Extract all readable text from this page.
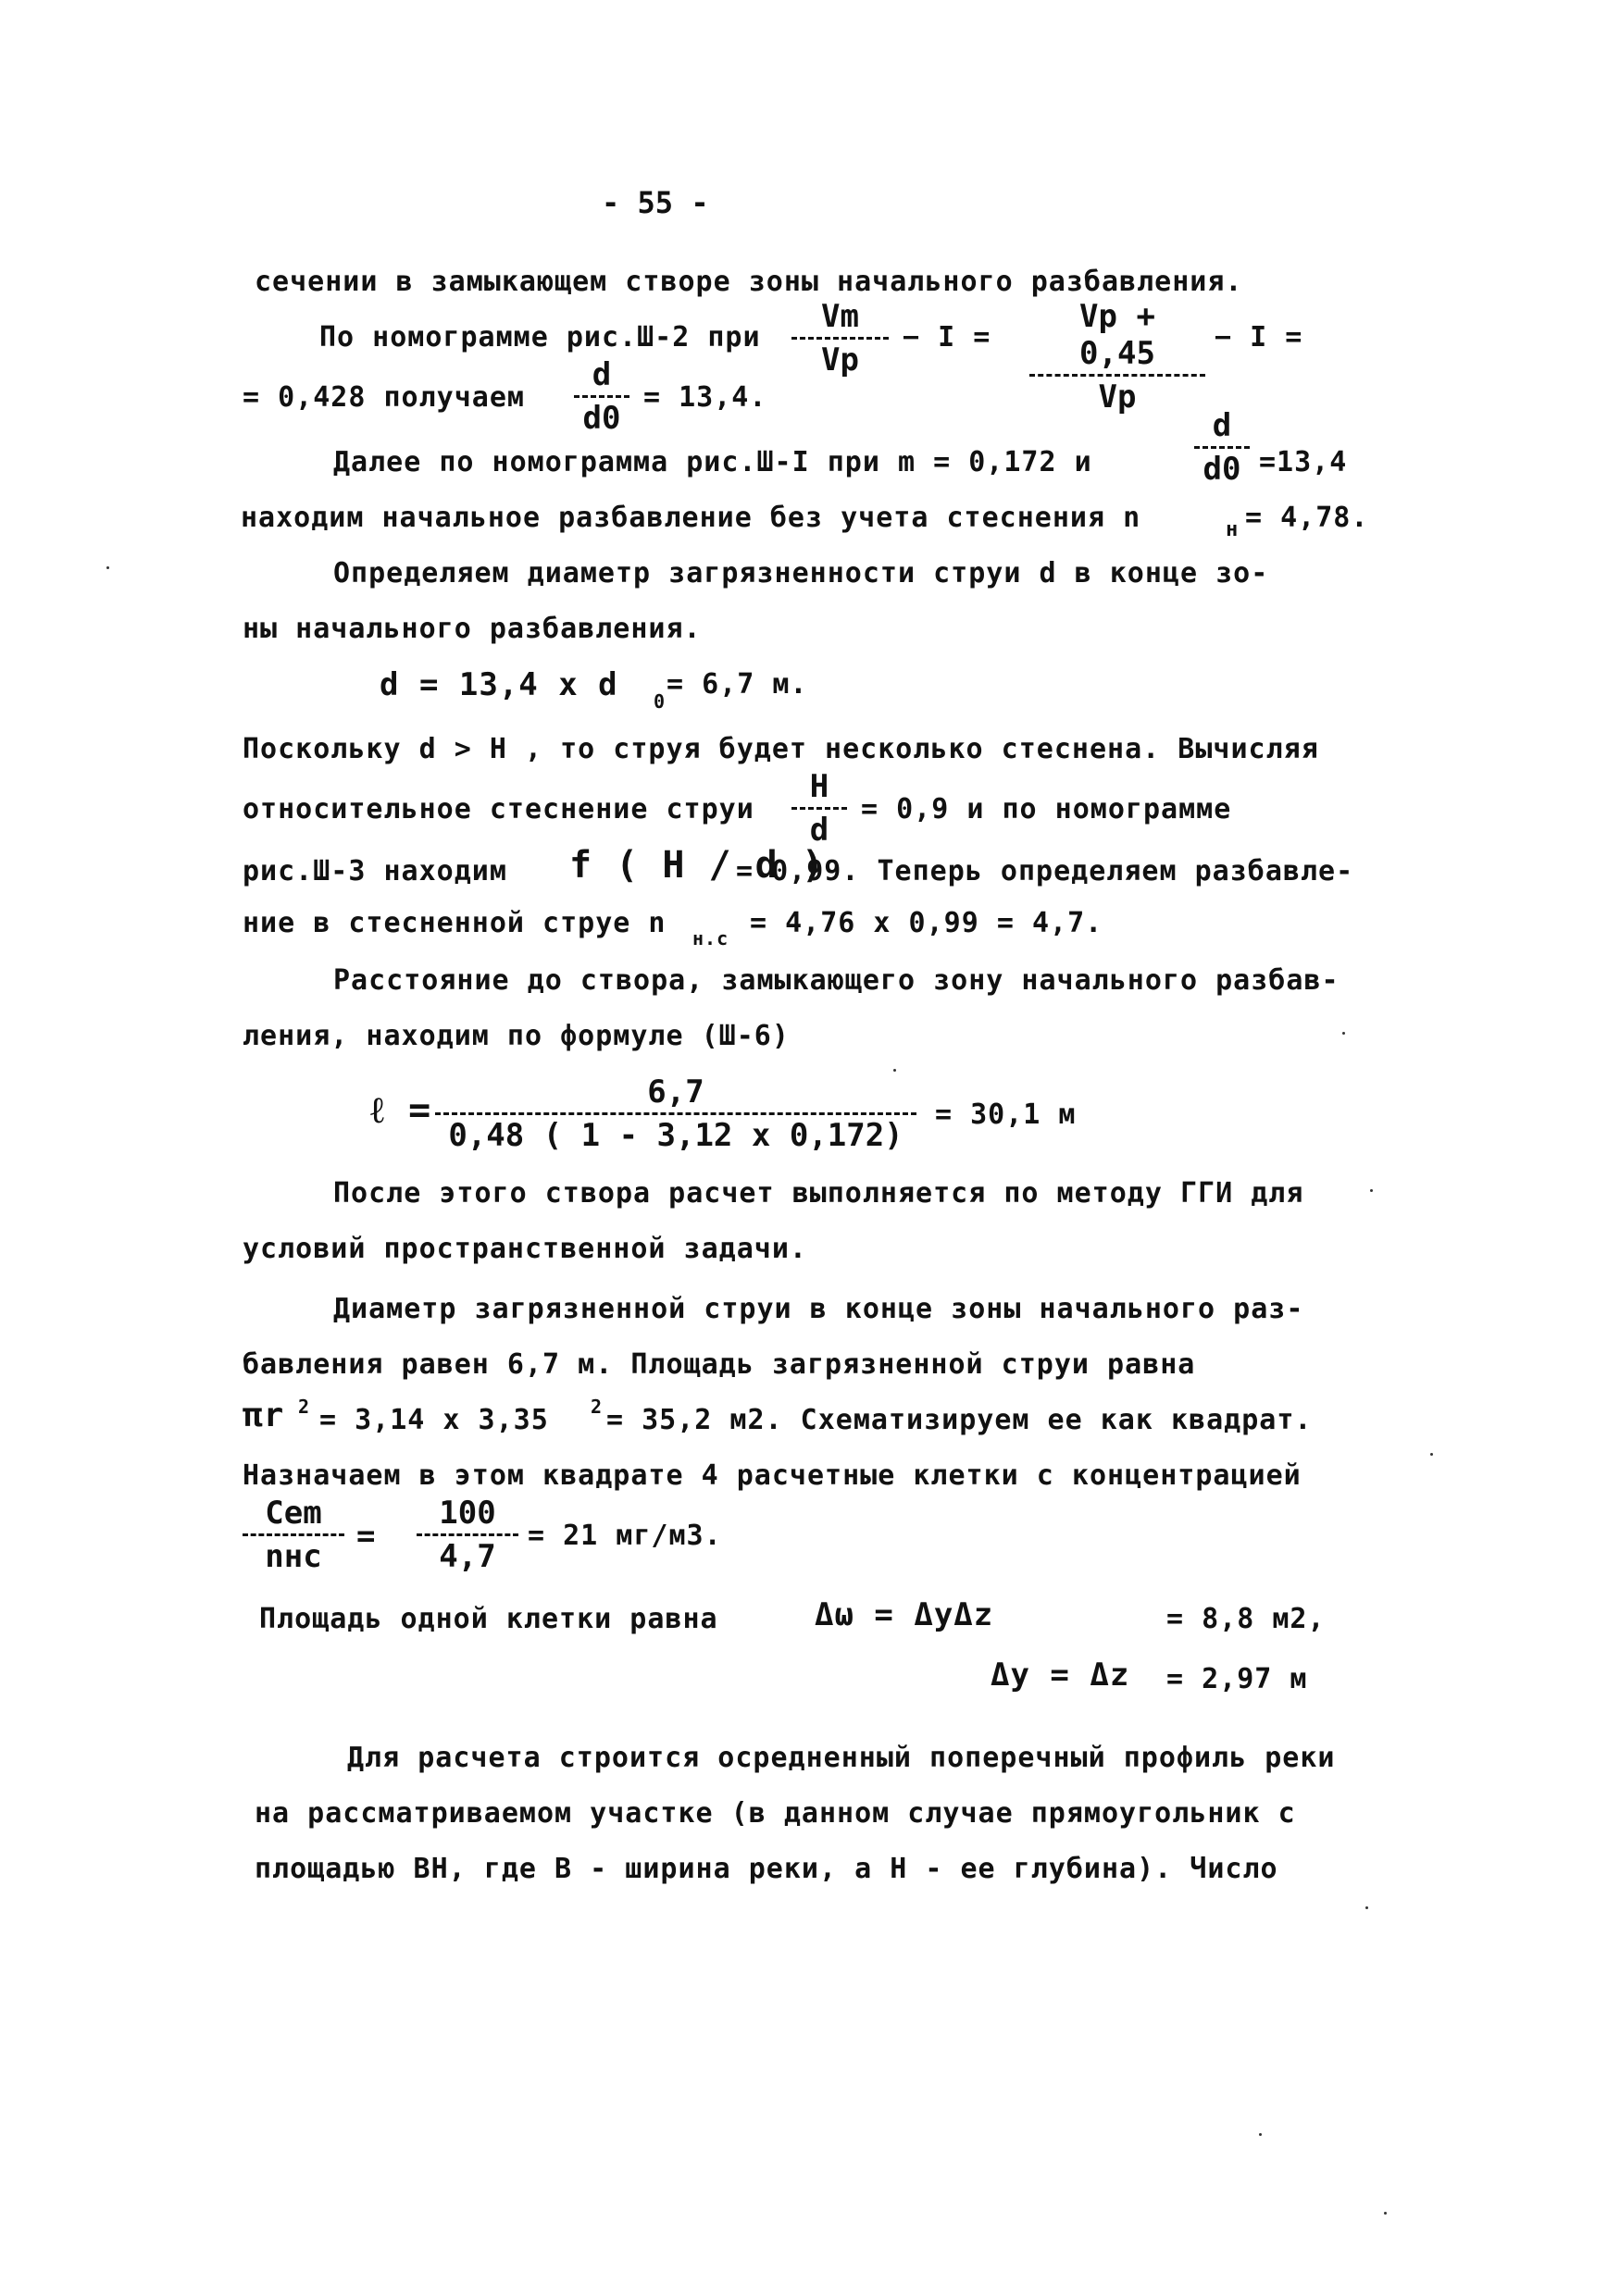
- 55 -
сечении в замыкающем створе зоны начального разбавления.
По номограмме рис.Ш-2 при $\frac{Vm}{Vp} - I = \frac{Vp + 0,45}{Vp} - I$ =
= 0,428 получаем $\frac{d}{d0} = 13,4$.
Далее по номограмма рис.Ш-I при m = 0,172 и	$\frac{d}{d0} =13,4$
находим начальное разбавление без учета стеснения n	н = 4,78.
Определяем диаметр загрязненности струи d в конце зо-
ны начального разбавления.
d = 13,4 x d 0
= 6,7 м.
Поскольку d > H , то струя будет несколько стеснена. Вычисляя
относительное стеснение струи $\frac{H}{d} = 0,9$ и по номограмме
рис.Ш-3 находим f ( H / d )
= 0,99. Теперь определяем разбавле-
ние в стесненной струе n н.с = 4,76 x 0,99 = 4,7.
Расстояние до створа, замыкающего зону начального разбав-
ления, находим по формуле (Ш-6)
ℓ = $\frac{6,7}{0,48 ( 1 - 3,12 x 0,172)} = 30,1$ м
После этого створа расчет выполняется по методу ГГИ для
условий пространственной задачи.
Диаметр загрязненной струи в конце зоны начального раз-
бавления равен 6,7 м. Площадь загрязненной струи равна
πr 2 = 3,14 x 3,35 2 = 35,2 м2. Схематизируем ее как квадрат.
Назначаем в этом квадрате 4 расчетные клетки с концентрацией
Cem
nнс
= $\frac{100}{4,7} = 21$ мг/м3.
Площадь одной клетки равна	Δω = ΔyΔz	= 8,8 м2,
Δy = Δz = 2,97 м
Для расчета строится осредненный поперечный профиль реки
на рассматриваемом участке (в данном случае прямоугольник с
площадью BH, где B - ширина реки, а H - ее глубина). Число
